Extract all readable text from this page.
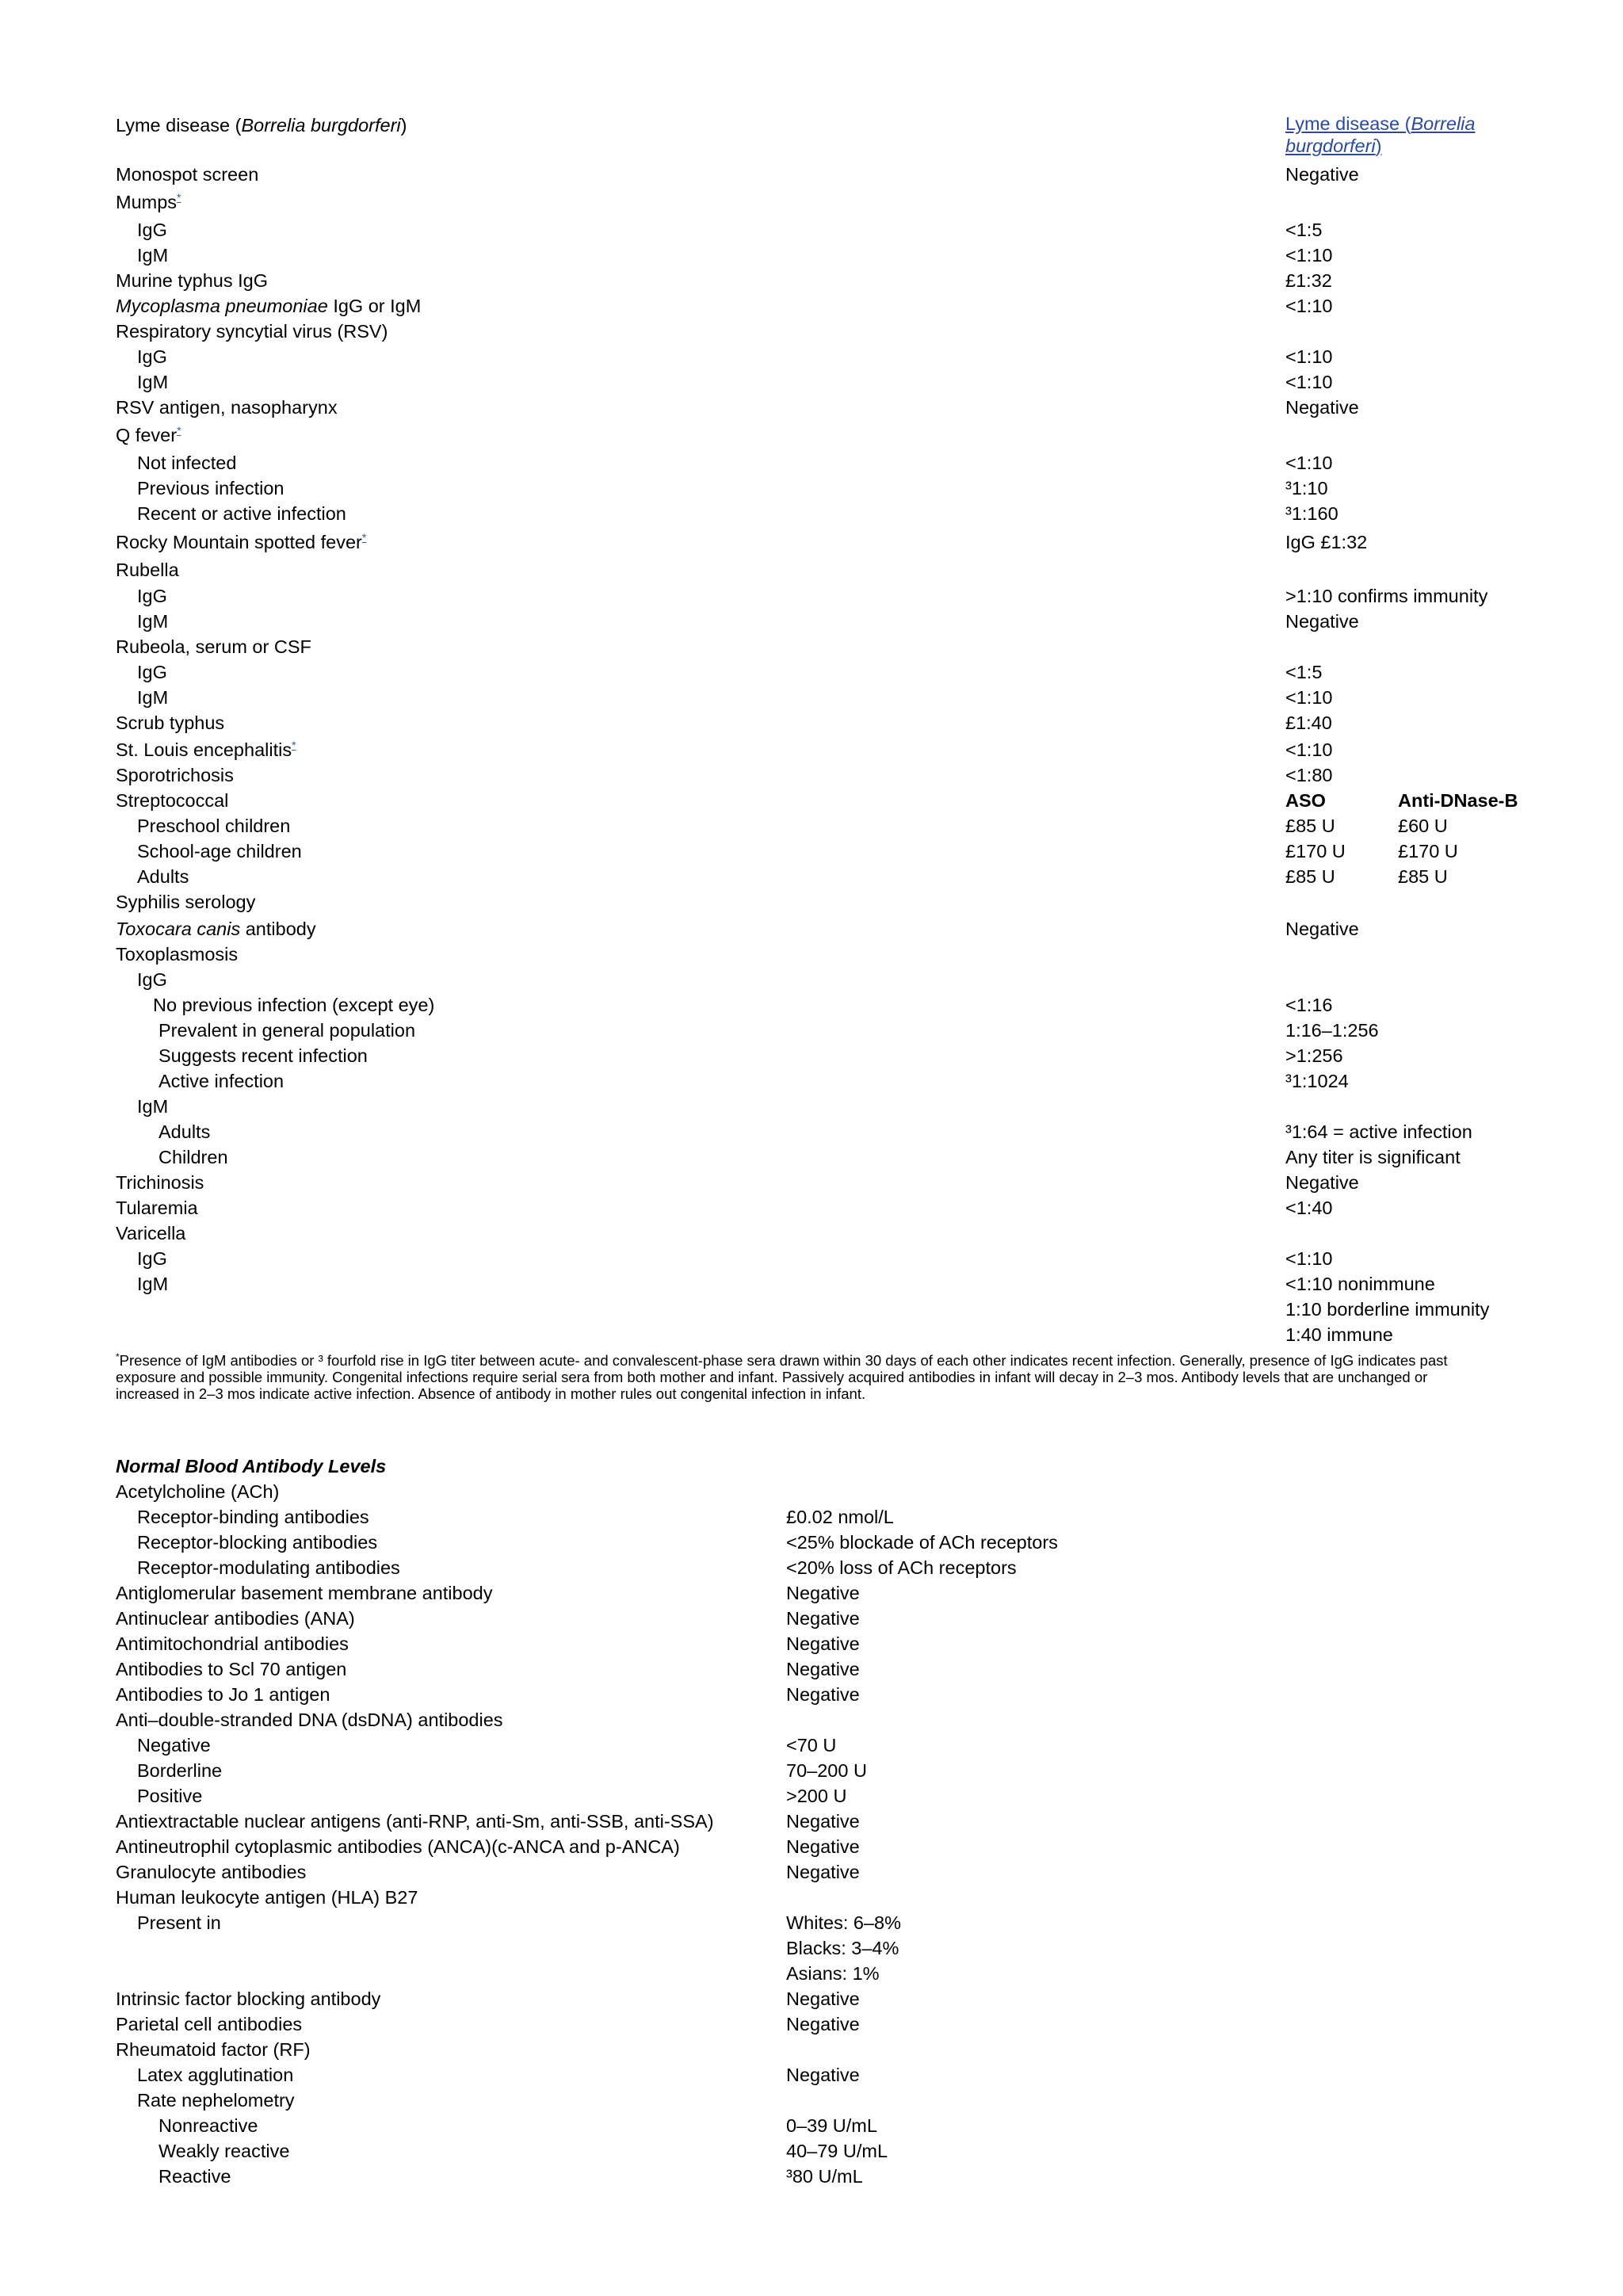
Lyme disease (Borrelia burgdorferi)	Lyme disease (Borrelia
burgdorferi)
Monospot screen	Negative
Mumps*
IgG	<1:5
IgM	<1:10
Murine typhus IgG	£1:32
Mycoplasma pneumoniae IgG or IgM	<1:10
Respiratory syncytial virus (RSV)
IgG	<1:10
IgM	<1:10
RSV antigen, nasopharynx	Negative
Q fever*
Not infected	<1:10
Previous infection	³1:10
Recent or active infection	³1:160
Rocky Mountain spotted fever*	IgG £1:32
Rubella
IgG	>1:10 confirms immunity
IgM	Negative
Rubeola, serum or CSF
IgG	<1:5
IgM	<1:10
Scrub typhus	£1:40
St. Louis encephalitis*	<1:10
Sporotrichosis	<1:80
Streptococcal	ASO	Anti-DNase-B
Preschool children	£85 U	£60 U
School-age children	£170 U	£170 U
Adults	£85 U	£85 U
Syphilis serology
Toxocara canis antibody	Negative
Toxoplasmosis
IgG
No previous infection (except eye)	<1:16
Prevalent in general population	1:16–1:256
Suggests recent infection	>1:256
Active infection	³1:1024
IgM
Adults	³1:64 = active infection
Children	Any titer is significant
Trichinosis	Negative
Tularemia	<1:40
Varicella
IgG	<1:10
IgM	<1:10 nonimmune
1:10 borderline immunity
1:40 immune
*Presence of IgM antibodies or ³ fourfold rise in IgG titer between acute- and convalescent-phase sera drawn within 30 days of each other indicates recent infection. Generally, presence of IgG indicates past exposure and possible immunity. Congenital infections require serial sera from both mother and infant. Passively acquired antibodies in infant will decay in 2–3 mos. Antibody levels that are unchanged or increased in 2–3 mos indicate active infection. Absence of antibody in mother rules out congenital infection in infant.
Normal Blood Antibody Levels
Acetylcholine (ACh)
Receptor-binding antibodies	£0.02 nmol/L
Receptor-blocking antibodies	<25% blockade of ACh receptors
Receptor-modulating antibodies	<20% loss of ACh receptors
Antiglomerular basement membrane antibody	Negative
Antinuclear antibodies (ANA)	Negative
Antimitochondrial antibodies	Negative
Antibodies to Scl 70 antigen	Negative
Antibodies to Jo 1 antigen	Negative
Anti–double-stranded DNA (dsDNA) antibodies
Negative	<70 U
Borderline	70–200 U
Positive	>200 U
Antiextractable nuclear antigens (anti-RNP, anti-Sm, anti-SSB, anti-SSA)	Negative
Antineutrophil cytoplasmic antibodies (ANCA)(c-ANCA and p-ANCA)	Negative
Granulocyte antibodies	Negative
Human leukocyte antigen (HLA) B27
Present in	Whites: 6–8%
Blacks: 3–4%
Asians: 1%
Intrinsic factor blocking antibody	Negative
Parietal cell antibodies	Negative
Rheumatoid factor (RF)
Latex agglutination	Negative
Rate nephelometry
Nonreactive	0–39 U/mL
Weakly reactive	40–79 U/mL
Reactive	³80 U/mL
